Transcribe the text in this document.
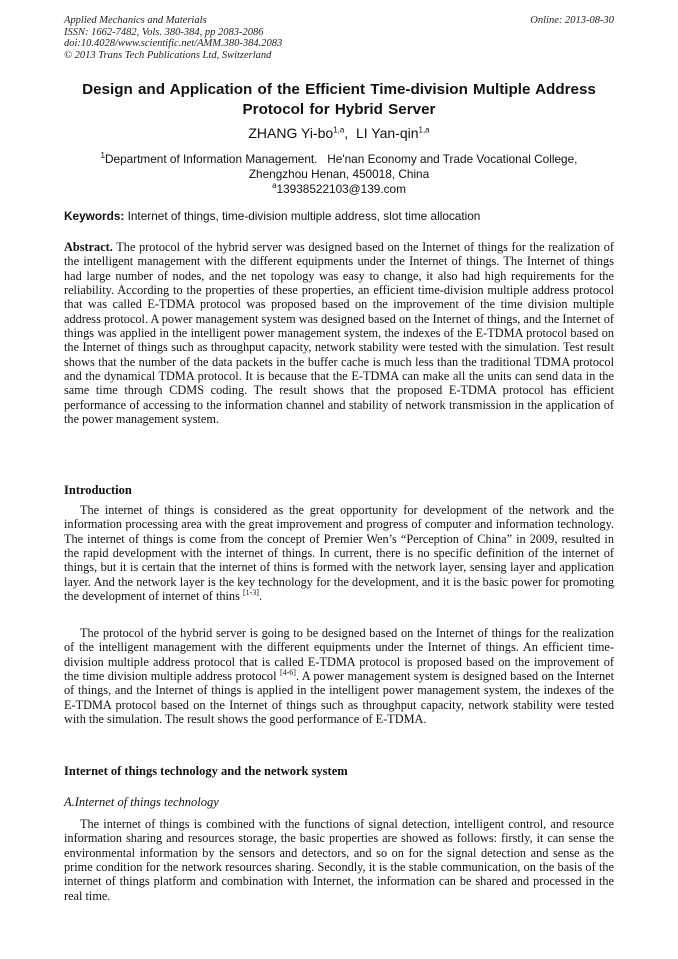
Applied Mechanics and Materials
ISSN: 1662-7482, Vols. 380-384, pp 2083-2086
doi:10.4028/www.scientific.net/AMM.380-384.2083
© 2013 Trans Tech Publications Ltd, Switzerland
Online: 2013-08-30
Design and Application of the Efficient Time-division Multiple Address Protocol for Hybrid Server
ZHANG Yi-bo$^{1,a}$,  LI Yan-qin$^{1,a}$
$^1$Department of Information Management.   He'nan Economy and Trade Vocational College,
Zhengzhou Henan, 450018, China
$^a$13938522103@139.com
Keywords: Internet of things, time-division multiple address, slot time allocation
Abstract. The protocol of the hybrid server was designed based on the Internet of things for the realization of the intelligent management with the different equipments under the Internet of things. The Internet of things had large number of nodes, and the net topology was easy to change, it also had high requirements for the reliability. According to the properties of these properties, an efficient time-division multiple address protocol that was called E-TDMA protocol was proposed based on the improvement of the time division multiple address protocol. A power management system was designed based on the Internet of things, and the Internet of things was applied in the intelligent power management system, the indexes of the E-TDMA protocol based on the Internet of things such as throughput capacity, network stability were tested with the simulation. Test result shows that the number of the data packets in the buffer cache is much less than the traditional TDMA protocol and the dynamical TDMA protocol. It is because that the E-TDMA can make all the units can send data in the same time through CDMS coding. The result shows that the proposed E-TDMA protocol has efficient performance of accessing to the information channel and stability of network transmission in the application of the power management system.
Introduction

The internet of things is considered as the great opportunity for development of the network and the information processing area with the great improvement and progress of computer and information technology. The internet of things is come from the concept of Premier Wen’s “Perception of China” in 2009, resulted in the rapid development with the internet of things. In current, there is no specific definition of the internet of things, but it is certain that the internet of thins is formed with the network layer, sensing layer and application layer. And the network layer is the key technology for the development, and it is the basic power for promoting the development of internet of thins [1-3].

The protocol of the hybrid server is going to be designed based on the Internet of things for the realization of the intelligent management with the different equipments under the Internet of things. An efficient time-division multiple address protocol that is called E-TDMA protocol is proposed based on the improvement of the time division multiple address protocol [4-6]. A power management system is designed based on the Internet of things, and the Internet of things is applied in the intelligent power management system, the indexes of the E-TDMA protocol based on the Internet of things such as throughput capacity, network stability were tested with the simulation. The result shows the good performance of E-TDMA.

Internet of things technology and the network system
A.Internet of things technology

The internet of things is combined with the functions of signal detection, intelligent control, and resource information sharing and resources storage, the basic properties are showed as follows: firstly, it can sense the environmental information by the sensors and detectors, and so on for the signal detection and sense as the prime condition for the network resources sharing. Secondly, it is the stable communication, on the basis of the internet of things platform and combination with Internet, the information can be shared and processed in the real time.
